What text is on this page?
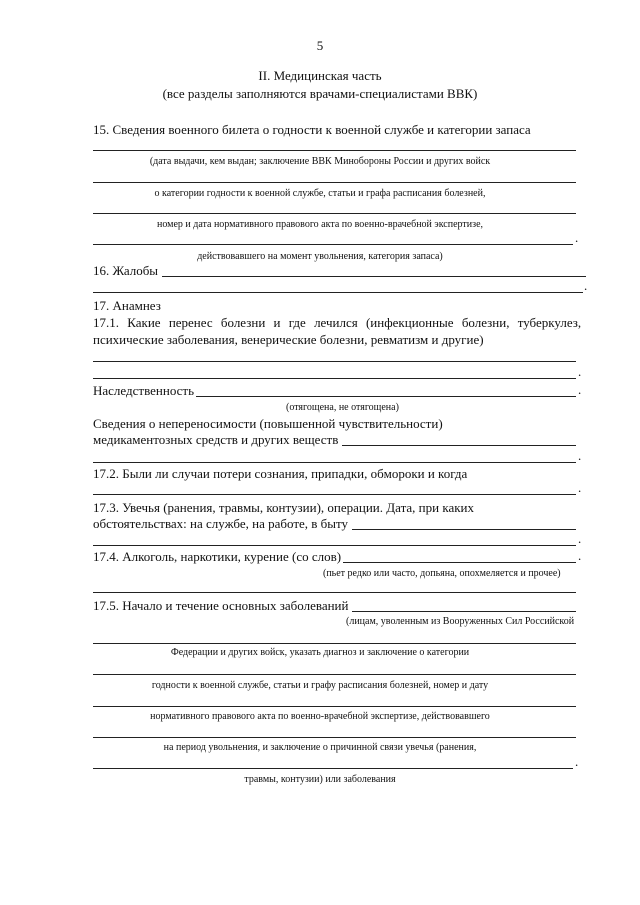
5
II. Медицинская часть
(все разделы заполняются врачами-специалистами ВВК)
15. Сведения военного билета о годности к военной службе и категории запаса
(дата выдачи, кем выдан; заключение ВВК Минобороны России и других войск
о категории годности к военной службе, статьи и графа расписания болезней,
номер и дата нормативного правового акта по военно-врачебной экспертизе,
.
действовавшего на момент увольнения, категория запаса)
16. Жалобы
.
17. Анамнез
17.1. Какие перенес болезни и где лечился (инфекционные болезни, туберкулез,
психические заболевания, венерические болезни, ревматизм и другие)
.
Наследственность	.
(отягощена, не отягощена)
Сведения о непереносимости (повышенной чувствительности)
медикаментозных средств и других веществ
.
17.2. Были ли случаи потери сознания, припадки, обмороки и когда
.
17.3. Увечья (ранения, травмы, контузии), операции. Дата, при каких
обстоятельствах: на службе, на работе, в быту
.
17.4. Алкоголь, наркотики, курение (со слов)	.
(пьет редко или часто, допьяна, опохмеляется и прочее)
17.5. Начало и течение основных заболеваний
(лицам, уволенным из Вооруженных Сил Российской
Федерации и других войск, указать диагноз и заключение о категории
годности к военной службе, статьи и графу расписания болезней, номер и дату
нормативного правового акта по военно-врачебной экспертизе, действовавшего
на период увольнения, и заключение о причинной связи увечья (ранения,
.
травмы, контузии) или заболевания
